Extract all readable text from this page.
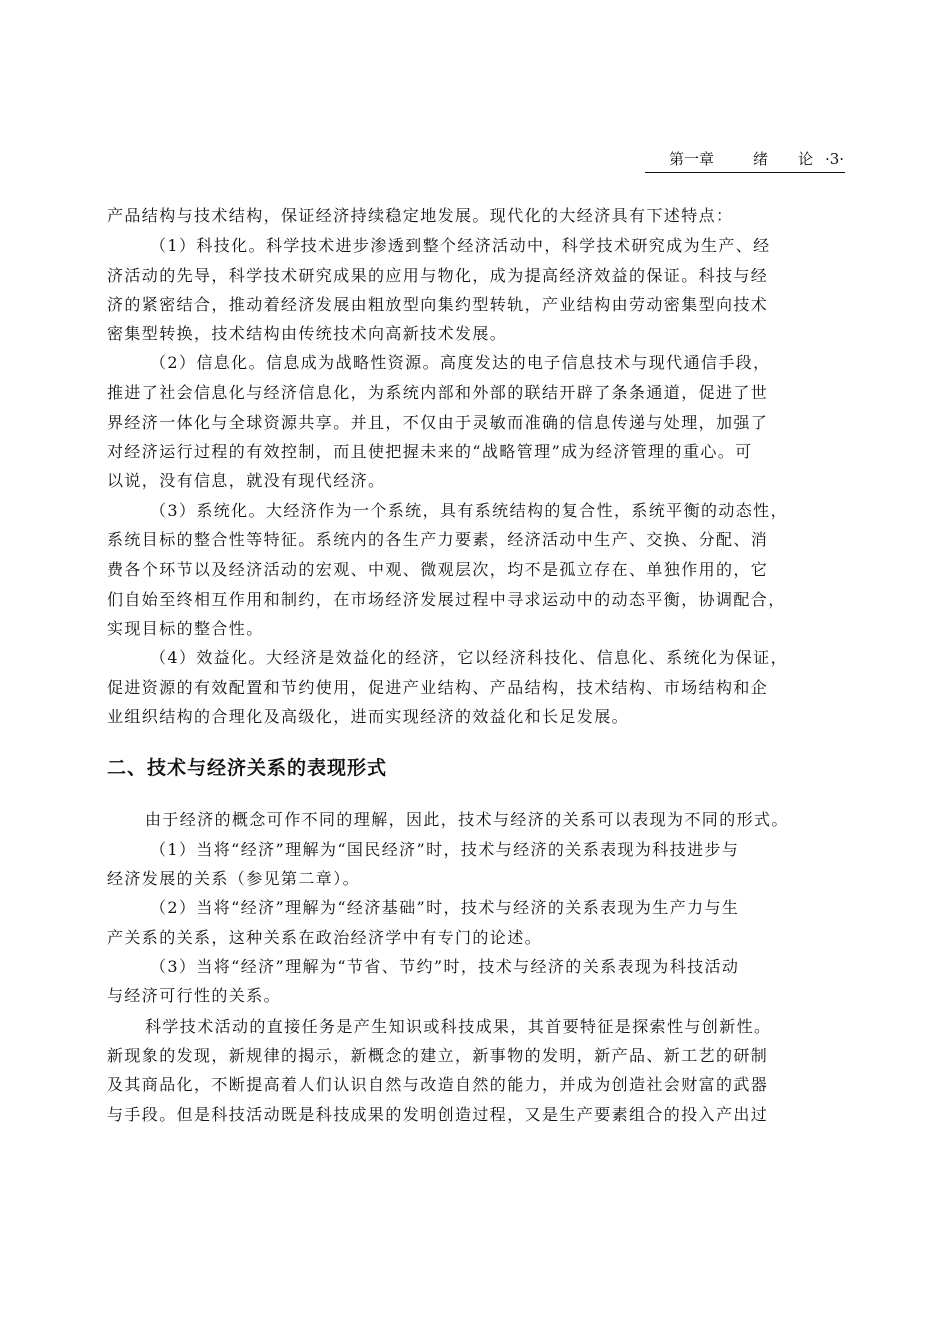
第一章	绪　　论 ·3·
产品结构与技术结构，保证经济持续稳定地发展。现代化的大经济具有下述特点：
（1）科技化。科学技术进步渗透到整个经济活动中，科学技术研究成为生产、经
济活动的先导，科学技术研究成果的应用与物化，成为提高经济效益的保证。科技与经
济的紧密结合，推动着经济发展由粗放型向集约型转轨，产业结构由劳动密集型向技术
密集型转换，技术结构由传统技术向高新技术发展。
（2）信息化。信息成为战略性资源。高度发达的电子信息技术与现代通信手段，
推进了社会信息化与经济信息化，为系统内部和外部的联结开辟了条条通道，促进了世
界经济一体化与全球资源共享。并且，不仅由于灵敏而准确的信息传递与处理，加强了
对经济运行过程的有效控制，而且使把握未来的“战略管理”成为经济管理的重心。可
以说，没有信息，就没有现代经济。
（3）系统化。大经济作为一个系统，具有系统结构的复合性，系统平衡的动态性，
系统目标的整合性等特征。系统内的各生产力要素，经济活动中生产、交换、分配、消
费各个环节以及经济活动的宏观、中观、微观层次，均不是孤立存在、单独作用的，它
们自始至终相互作用和制约，在市场经济发展过程中寻求运动中的动态平衡，协调配合，
实现目标的整合性。
（4）效益化。大经济是效益化的经济，它以经济科技化、信息化、系统化为保证，
促进资源的有效配置和节约使用，促进产业结构、产品结构，技术结构、市场结构和企
业组织结构的合理化及高级化，进而实现经济的效益化和长足发展。
二、技术与经济关系的表现形式
由于经济的概念可作不同的理解，因此，技术与经济的关系可以表现为不同的形式。
（1）当将“经济”理解为“国民经济”时，技术与经济的关系表现为科技进步与
经济发展的关系（参见第二章）。
（2）当将“经济”理解为“经济基础”时，技术与经济的关系表现为生产力与生
产关系的关系，这种关系在政治经济学中有专门的论述。
（3）当将“经济”理解为“节省、节约”时，技术与经济的关系表现为科技活动
与经济可行性的关系。
科学技术活动的直接任务是产生知识或科技成果，其首要特征是探索性与创新性。
新现象的发现，新规律的揭示，新概念的建立，新事物的发明，新产品、新工艺的研制
及其商品化，不断提高着人们认识自然与改造自然的能力，并成为创造社会财富的武器
与手段。但是科技活动既是科技成果的发明创造过程，又是生产要素组合的投入产出过
